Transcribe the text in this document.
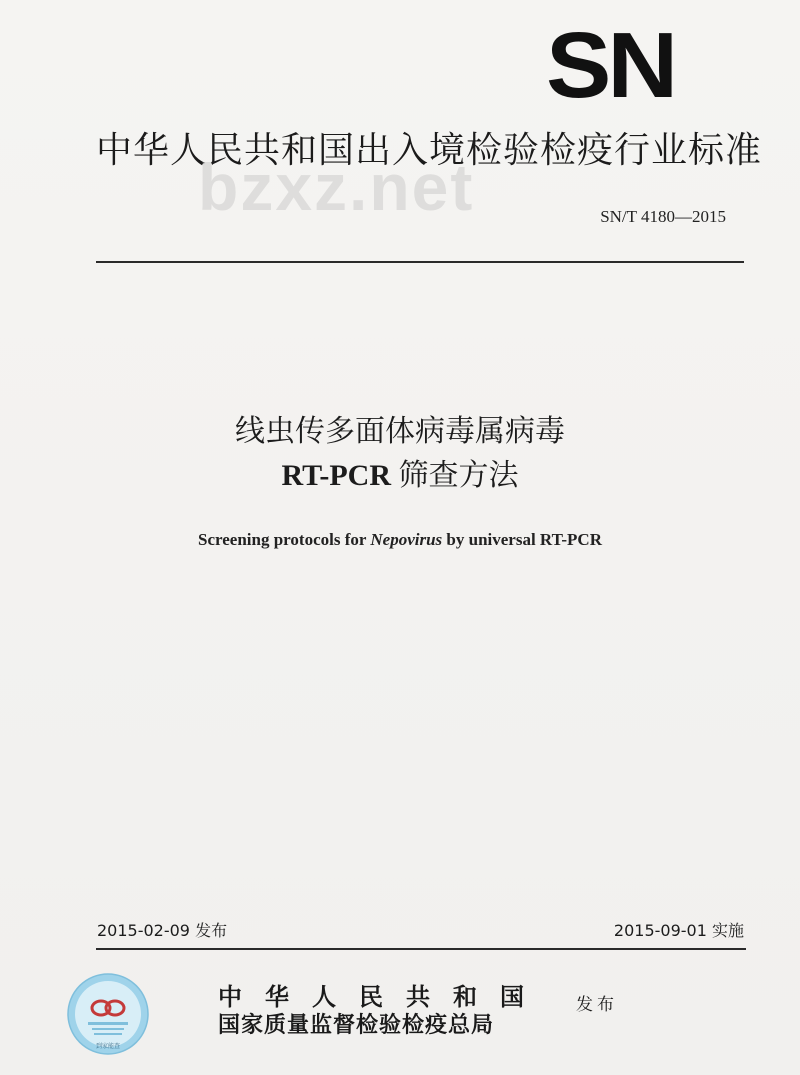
SN
中华人民共和国出入境检验检疫行业标准
bzxz.net	SN/T 4180—2015
线虫传多面体病毒属病毒
RT-PCR 筛查方法
Screening protocols for Nepovirus by universal RT-PCR
2015-02-09 发布	2015-09-01 实施
到家能查
中华人民共和国
国家质量监督检验检疫总局
发布
